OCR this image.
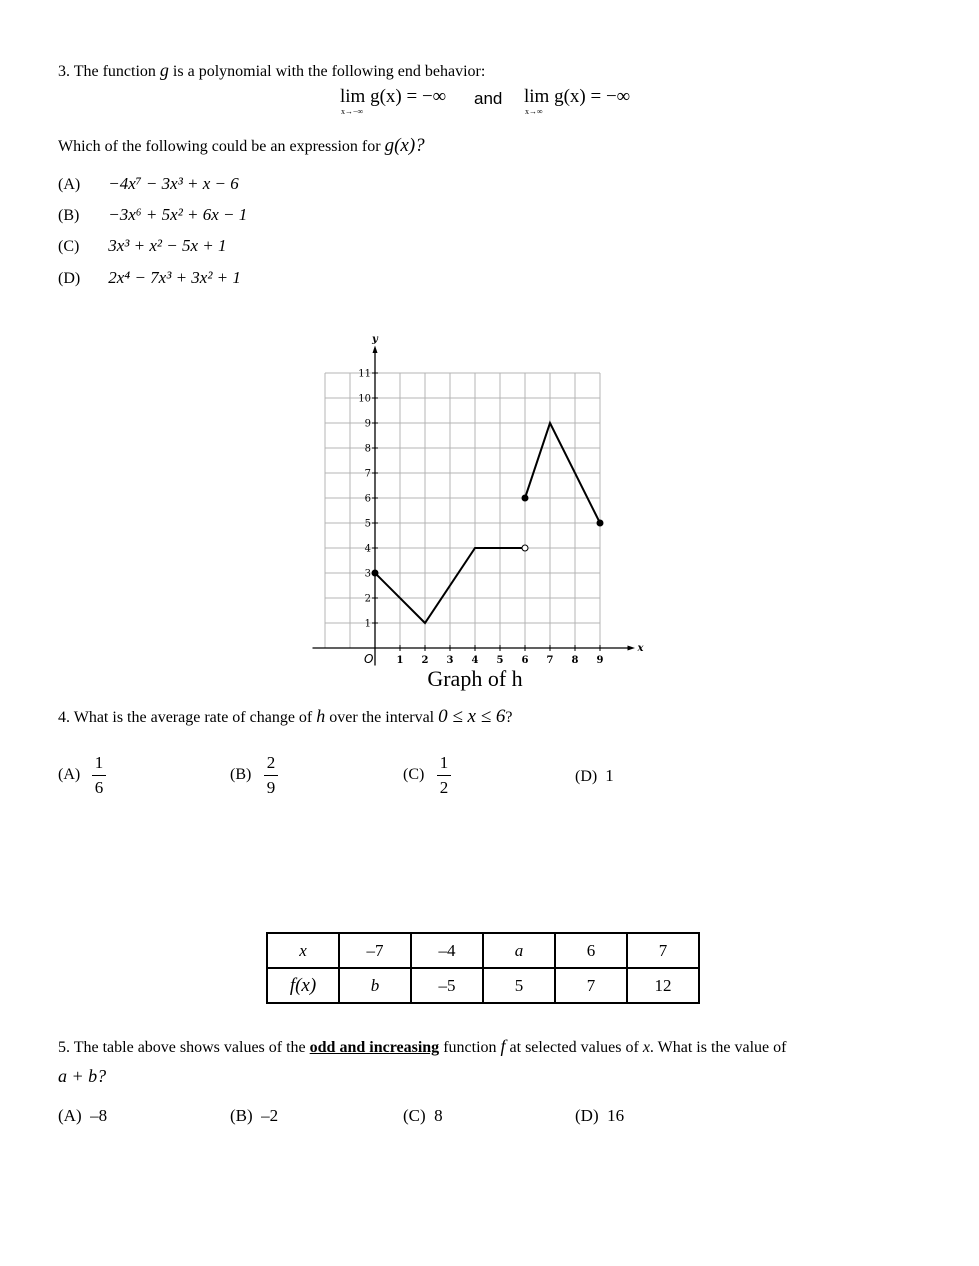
3. The function g is a polynomial with the following end behavior:
lim g(x) = −∞
x→−∞
and lim g(x) = −∞
x→∞
Which of the following could be an expression for g(x)?
(A) −4x⁷ − 3x³ + x − 6
(B) −3x⁶ + 5x² + 6x − 1
(C) 3x³ + x² − 5x + 1
(D) 2x⁴ − 7x³ + 3x² + 1
1 2 3 4 5 6 7 8 9
1
2
3
4
5
6
7
8
9
10
11
y
x
O
Graph of h
4. What is the average rate of change of h over the interval 0 ≤ x ≤ 6?
(A)
1
6
(B)
2
9
(C)
1
2
(D) 1
x	–7	–4	a	6	7
f(x)	b	–5	5	7	12
5. The table above shows values of the odd and increasing function f at selected values of x. What is the value of
a + b?
(A) –8	(B) –2	(C) 8	(D) 16
